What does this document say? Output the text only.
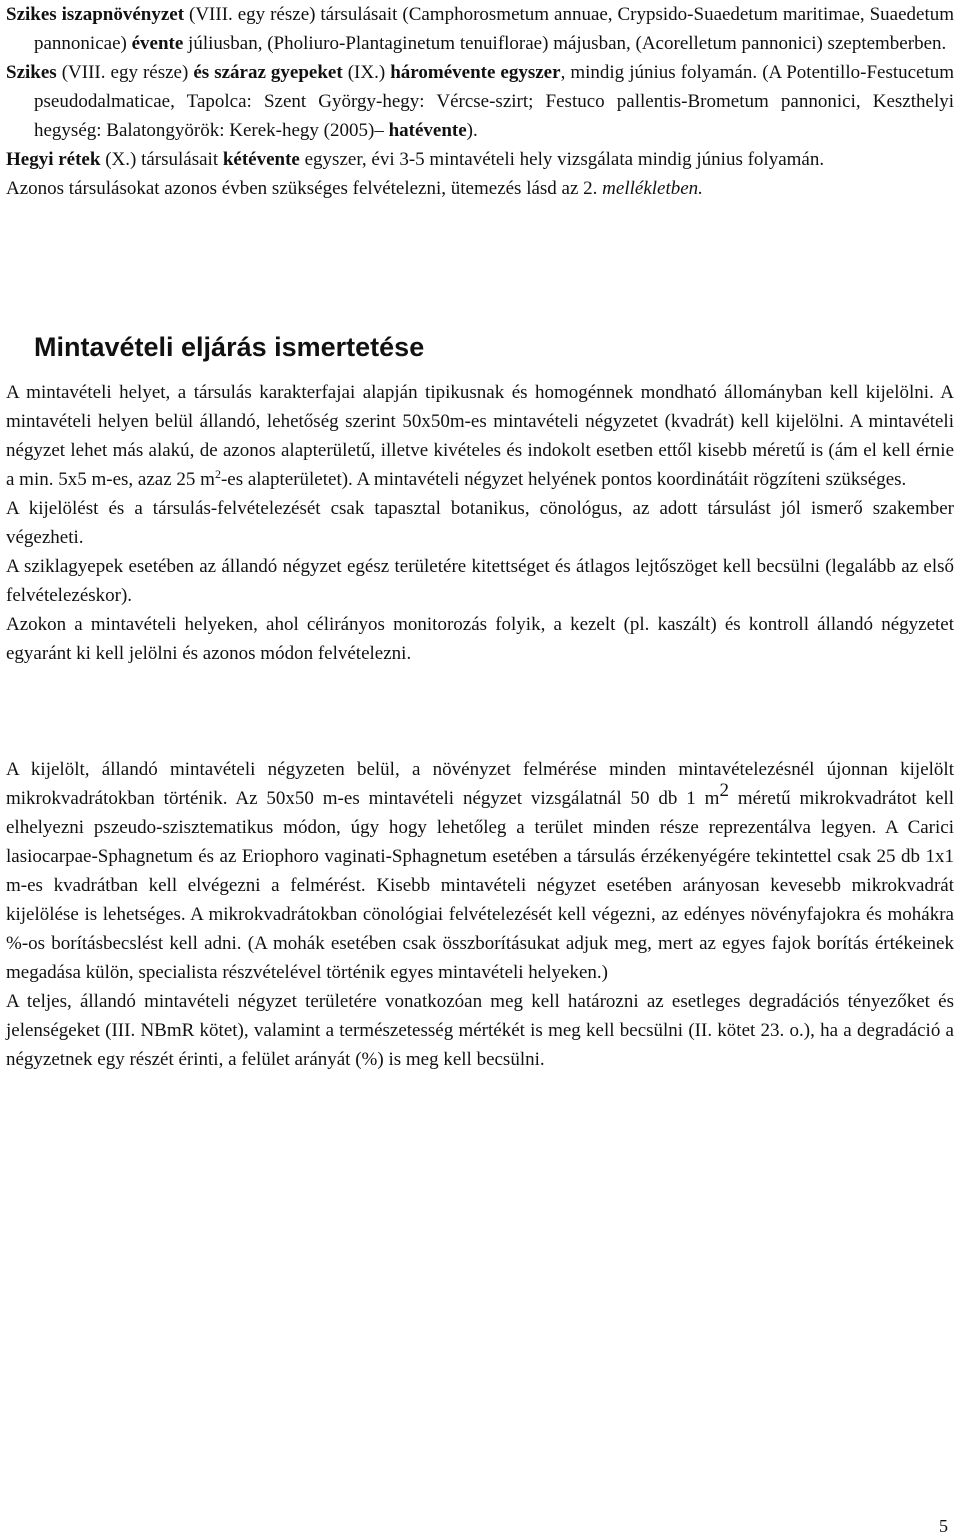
Szikes iszapnövényzet (VIII. egy része) társulásait (Camphorosmetum annuae, Crypsido-Suaedetum maritimae, Suaedetum pannonicae) évente júliusban, (Pholiuro-Plantaginetum tenuiflorae) májusban, (Acorelletum pannonici) szeptemberben.

Szikes (VIII. egy része) és száraz gyepeket (IX.) háromévente egyszer, mindig június folyamán. (A Potentillo-Festucetum pseudodalmaticae, Tapolca: Szent György-hegy: Vércse-szirt; Festuco pallentis-Brometum pannonici, Keszthelyi hegység: Balatongyörök: Kerek-hegy (2005)– hatévente).

Hegyi rétek (X.) társulásait kétévente egyszer, évi 3-5 mintavételi hely vizsgálata mindig június folyamán.

Azonos társulásokat azonos évben szükséges felvételezni, ütemezés lásd az 2. mellékletben.

Mintavételi eljárás ismertetése

A mintavételi helyet, a társulás karakterfajai alapján tipikusnak és homogénnek mondható állományban kell kijelölni. A mintavételi helyen belül állandó, lehetőség szerint 50x50m-es mintavételi négyzetet (kvadrát) kell kijelölni. A mintavételi négyzet lehet más alakú, de azonos alapterületű, illetve kivételes és indokolt esetben ettől kisebb méretű is (ám el kell érnie a min. 5x5 m-es, azaz 25 $m^2-es$ alapterületet). A mintavételi négyzet helyének pontos koordinátáit rögzíteni szükséges.

A kijelölést és a társulás-felvételezését csak tapasztal botanikus, cönológus, az adott társulást jól ismerő szakember végezheti.

A sziklagyepek esetében az állandó négyzet egész területére kitettséget és átlagos lejtőszöget kell becsülni (legalább az első felvételezéskor).

Azokon a mintavételi helyeken, ahol célirányos monitorozás folyik, a kezelt (pl. kaszált) és kontroll állandó négyzetet egyaránt ki kell jelölni és azonos módon felvételezni.

A kijelölt, állandó mintavételi négyzeten belül, a növényzet felmérése minden mintavételezésnél újonnan kijelölt mikrokvadrátokban történik. Az 50x50 m-es mintavételi négyzet vizsgálatnál 50 db 1 m2 méretű mikrokvadrátot kell elhelyezni pszeudo-szisztematikus módon, úgy hogy lehetőleg a terület minden része reprezentálva legyen. A Carici lasiocarpae-Sphagnetum és az Eriophoro vaginati-Sphagnetum esetében a társulás érzékenyégére tekintettel csak 25 db 1x1 m-es kvadrátban kell elvégezni a felmérést. Kisebb mintavételi négyzet esetében arányosan kevesebb mikrokvadrát kijelölése is lehetséges. A mikrokvadrátokban cönológiai felvételezését kell végezni, az edényes növényfajokra és mohákra %-os borításbecslést kell adni. (A mohák esetében csak összborításukat adjuk meg, mert az egyes fajok borítás értékeinek megadása külön, specialista részvételével történik egyes mintavételi helyeken.)

A teljes, állandó mintavételi négyzet területére vonatkozóan meg kell határozni az esetleges degradációs tényezőket és jelenségeket (III. NBmR kötet), valamint a természetesség mértékét is meg kell becsülni (II. kötet 23. o.), ha a degradáció a négyzetnek egy részét érinti, a felület arányát (%) is meg kell becsülni.

5
